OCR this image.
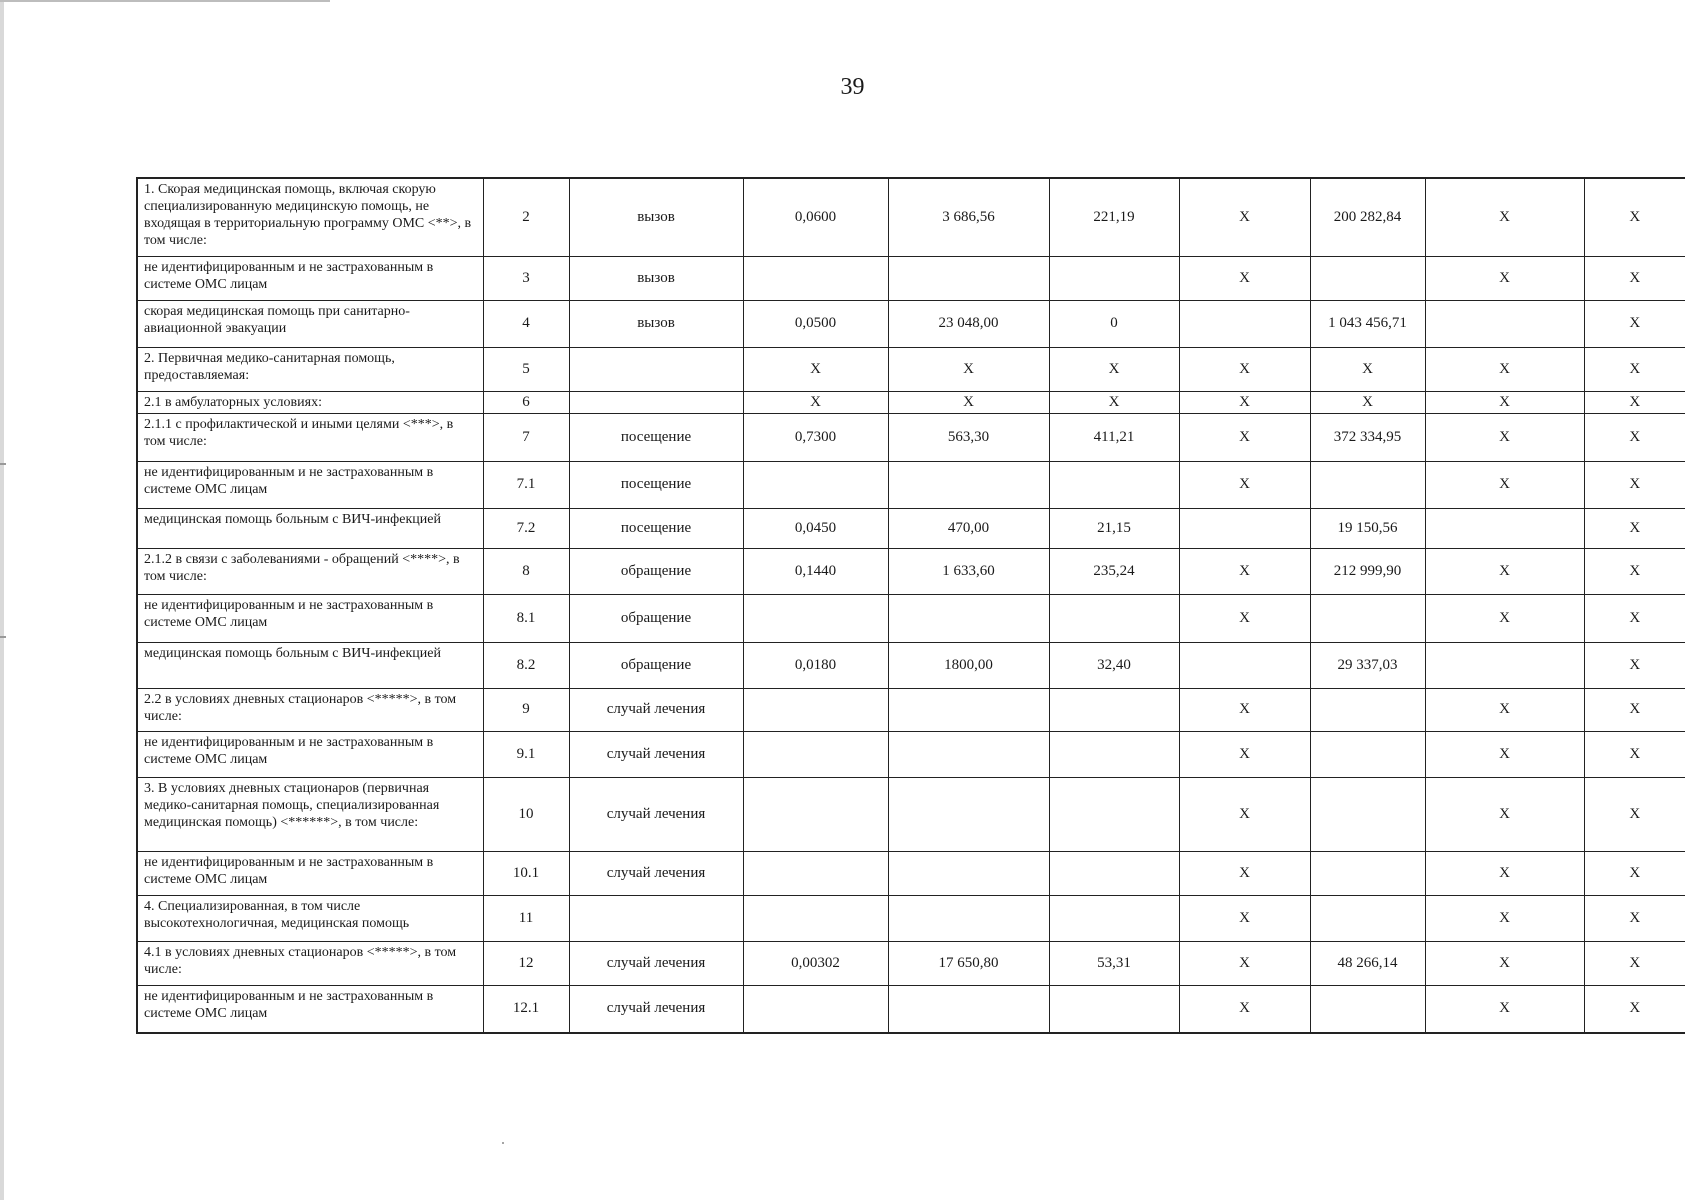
39
1. Скорая медицинская помощь, включая скорую специализированную медицинскую помощь, не входящая в территориальную программу ОМС <**>, в том числе:	2	вызов	0,0600	3 686,56	221,19	X	200 282,84	X	X
не идентифицированным и не застрахованным в системе ОМС лицам	3	вызов				X		X	X
скорая медицинская помощь при санитарно-авиационной эвакуации	4	вызов	0,0500	23 048,00	0		1 043 456,71		X
2. Первичная медико-санитарная помощь, предоставляемая:	5		X	X	X	X	X	X	X
2.1 в амбулаторных условиях:	6		X	X	X	X	X	X	X
2.1.1 с профилактической и иными целями <***>, в том числе:	7	посещение	0,7300	563,30	411,21	X	372 334,95	X	X
не идентифицированным и не застрахованным в системе ОМС лицам	7.1	посещение				X		X	X
медицинская помощь больным с ВИЧ-инфекцией	7.2	посещение	0,0450	470,00	21,15		19 150,56		X
2.1.2 в связи с заболеваниями - обращений <****>, в том числе:	8	обращение	0,1440	1 633,60	235,24	X	212 999,90	X	X
не идентифицированным и не застрахованным в системе ОМС лицам	8.1	обращение				X		X	X
медицинская помощь больным с ВИЧ-инфекцией	8.2	обращение	0,0180	1800,00	32,40		29 337,03		X
2.2 в условиях дневных стационаров <*****>, в том числе:	9	случай лечения				X		X	X
не идентифицированным и не застрахованным в системе ОМС лицам	9.1	случай лечения				X		X	X
3. В условиях дневных стационаров (первичная медико-санитарная помощь, специализированная медицинская помощь) <******>, в том числе:	10	случай лечения				X		X	X
не идентифицированным и не застрахованным в системе ОМС лицам	10.1	случай лечения				X		X	X
4. Специализированная, в том числе высокотехнологичная, медицинская помощь	11					X		X	X
4.1 в условиях дневных стационаров <*****>, в том числе:	12	случай лечения	0,00302	17 650,80	53,31	X	48 266,14	X	X
не идентифицированным и не застрахованным в системе ОМС лицам	12.1	случай лечения				X		X	X
